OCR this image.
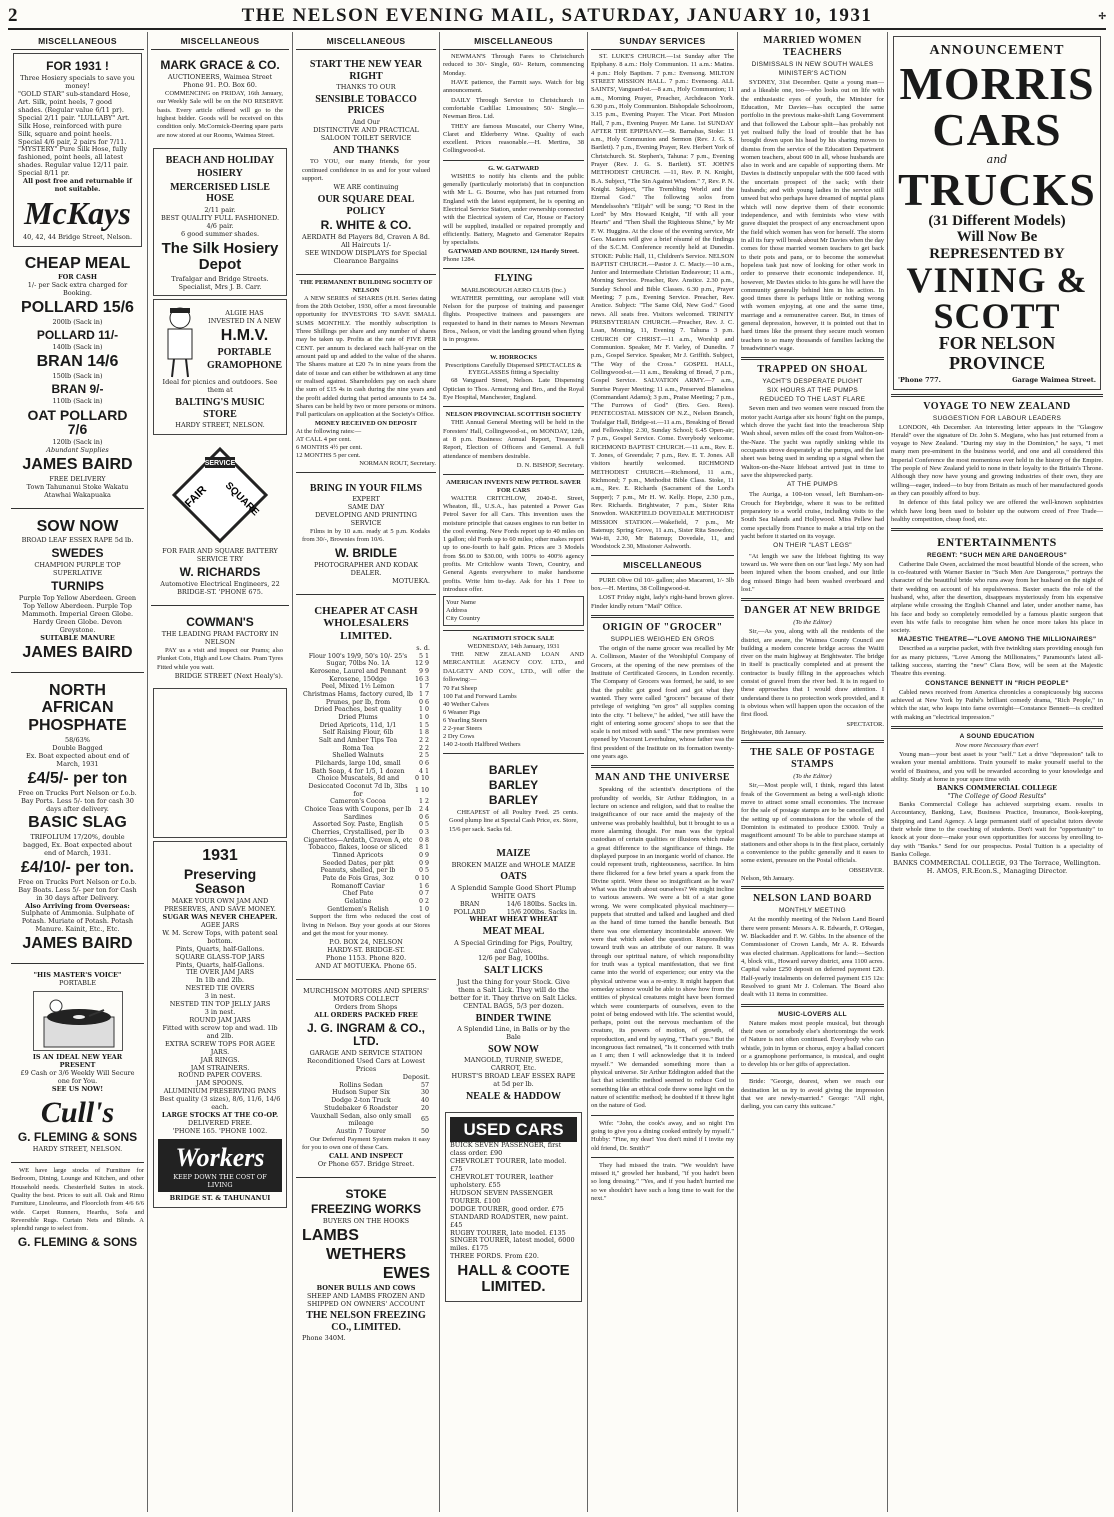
2	THE NELSON EVENING MAIL, SATURDAY, JANUARY 10, 1931	✢
MISCELLANEOUS
FOR 1931 !
Three Hosiery specials to save you money!
"GOLD STAR" sub-standard Hose, Art. Silk, point heels, 7 good shades. (Regular value 6/11 pr). Special 2/11 pair. "LULLABY" Art. Silk Hose, reinforced with pure Silk, square and point heels. Special 4/6 pair, 2 pairs for 7/11. "MYSTERY" Pure Silk Hose, fully fashioned, point heels, all latest shades. Regular value 12/11 pair. Special 8/11 pr.
All post free and returnable if not suitable.
McKays
40, 42, 44 Bridge Street, Nelson.
CHEAP MEAL
FOR CASH
1/- per Sack extra charged for Booking.
POLLARD 15/6
200lb (Sack in)
POLLARD 11/-
140lb (Sack in)
BRAN 14/6
150lb (Sack in)
BRAN 9/-
110lb (Sack in)
OAT POLLARD 7/6
120lb (Sack in)
Abundant Supplies
JAMES BAIRD
FREE DELIVERY
Town Tahunanui Stoke Wakatu Atawhai Wakapuaka
SOW NOW
BROAD LEAF ESSEX RAPE 5d lb.
SWEDES
CHAMPION PURPLE TOP SUPERLATIVE
TURNIPS
Purple Top Yellow Aberdeen. Green Top Yellow Aberdeen. Purple Top Mammoth. Imperial Green Globe. Hardy Green Globe. Devon Greystone.
SUITABLE MANURE
JAMES BAIRD
NORTH AFRICAN
PHOSPHATE
58/63%
Double Bagged
Ex. Boat expected about end of March, 1931
£4/5/- per ton
Free on Trucks Port Nelson or f.o.b. Bay Ports. Less 5/- ton for cash 30 days after delivery.
BASIC SLAG
TRIFOLIUM 17/20%, double bagged, Ex. Boat expected about end of March, 1931.
£4/10/- per ton.
Free on Trucks Port Nelson or f.o.b. Bay Boats. Less 5/- per ton for Cash in 30 days after Delivery.
Also Arriving from Overseas:
Sulphate of Ammonia. Sulphate of Potash. Muriate of Potash. Potash Manure. Kainit, Etc., Etc.
JAMES BAIRD
"HIS MASTER'S VOICE"
PORTABLE
IS AN IDEAL NEW YEAR PRESENT
£9 Cash or 3/6 Weekly Will Secure one for You.
SEE US NOW!
Cull's
G. FLEMING & SONS
HARDY STREET, NELSON.

WE have large stocks of Furniture for Bedroom, Dining, Lounge and Kitchen, and other Household needs. Chesterfield Suites in stock. Quality the best. Prices to suit all. Oak and Rimu Furniture, Linoleums, and Floorcloth from 4/6 6/6 wide. Carpet Runners, Hearths, Sofa and Reversible Rugs. Curtain Nets and Blinds. A splendid range to select from.

G. FLEMING & SONS
MISCELLANEOUS
MARK GRACE & CO.
AUCTIONEERS, Waimea Street
Phone 91. P.O. Box 60.

COMMENCING on FRIDAY, 16th January, our Weekly Sale will be on the NO RESERVE basis. Every article offered will go to the highest bidder. Goods will be received on this condition only. McCormick-Deering spare parts are now stored at our Rooms, Waimea Street.

BEACH AND HOLIDAY
HOSIERY
MERCERISED LISLE HOSE
2/11 pair.
BEST QUALITY FULL FASHIONED. 4/6 pair.
6 good summer shades.
The Silk Hosiery Depot
Trafalgar and Bridge Streets.
Specialist, Mrs J. B. Carr.
ALGIE HAS INVESTED IN A NEW
H.M.V.
PORTABLE
GRAMOPHONE
Ideal for picnics and outdoors. See them at
BALTING'S MUSIC STORE
HARDY STREET, NELSON.
SERVICE
FAIR SQUARE
FOR FAIR AND SQUARE BATTERY SERVICE TRY
W. RICHARDS
Automotive Electrical Engineers, 22 BRIDGE-ST. 'PHONE 675.
COWMAN'S
THE LEADING PRAM FACTORY IN NELSON

PAY us a visit and inspect our Prams; also Plunket Cots, High and Low Chairs. Pram Tyres Fitted while you wait.

BRIDGE STREET (Next Healy's).
1931
Preserving Season
MAKE YOUR OWN JAM AND PRESERVES, AND SAVE MONEY.
SUGAR WAS NEVER CHEAPER.
AGEE JARS
W. M. Screw Tops, with patent seal bottom.
Pints, Quarts, half-Gallons.
SQUARE GLASS-TOP JARS
Pints, Quarts, half-Gallons.
TIE OVER JAM JARS
In 1lb and 2lb.
NESTED TIE OVERS
3 in nest.
NESTED TIN TOP JELLY JARS
3 in nest.
ROUND JAM JARS
Fitted with screw top and wad. 1lb and 2lb.
EXTRA SCREW TOPS FOR AGEE JARS.
JAR RINGS.
JAM STRAINERS.
ROUND PAPER COVERS.
JAM SPOONS.
ALUMINIUM PRESERVING PANS
Best quality (3 sizes), 8/6, 11/6, 14/6 each.
LARGE STOCKS AT THE CO-OP.
DELIVERED FREE.
'PHONE 165. 'PHONE 1002.
Workers
KEEP DOWN THE COST OF LIVING
BRIDGE ST. & TAHUNANUI
MISCELLANEOUS
START THE NEW YEAR RIGHT
THANKS TO OUR
SENSIBLE TOBACCO PRICES
And Our
DISTINCTIVE AND PRACTICAL SALOON TOILET SERVICE
AND THANKS

TO YOU, our many friends, for your continued confidence in us and for your valued support.

WE ARE continuing
OUR SQUARE DEAL POLICY
R. WHITE & CO.
AERDATH 8d Players 8d, Craven A 8d. All Haircuts 1/-
SEE WINDOW DISPLAYS for Special Clearance Bargains
THE PERMANENT BUILDING SOCIETY OF NELSON

A NEW SERIES of SHARES (H.H. Series dating from the 20th October, 1930, offer a most favourable opportunity for INVESTORS TO SAVE SMALL SUMS MONTHLY. The monthly subscription is Three Shillings per share and any number of shares may be taken up. Profits at the rate of FIVE PER CENT. per annum is declared each half-year on the amount paid up and added to the value of the shares. The Shares mature at £20 7s in nine years from the date of issue and can either be withdrawn at any time or realised against. Shareholders pay on each share the sum of £15 4s in cash during the nine years and the profit added during that period amounts to £4 3s. Shares can be held by two or more persons or minors. Full particulars on application at the Society's Office.

MONEY RECEIVED ON DEPOSIT
At the following rates:—
AT CALL 4 per cent.
6 MONTHS 4½ per cent.
12 MONTHS 5 per cent.
NORMAN ROUT, Secretary.
BRING IN YOUR FILMS
EXPERT
SAME DAY
DEVELOPING AND PRINTING SERVICE

Films in by 10 a.m. ready at 5 p.m. Kodaks from 30/-, Brownies from 10/6.

W. BRIDLE
PHOTOGRAPHER AND KODAK DEALER.
MOTUEKA.
CHEAPER AT CASH WHOLESALERS LIMITED.
s. d.
Flour 100's 19/9, 50's 10/- 25's	5 1
Sugar, 70lbs No. 1A	12 9
Kerosene, Laurel and Pennant	9 9
Kerosene, 150dge	16 3
Peel, Mixed 1½ Lemon	1 7
Christmas Hams, factory cured, lb	1 7
Prunes, per lb, from	0 6
Dried Peaches, best quality	1 0
Dried Plums	1 0
Dried Apricots, 11d, 1/1	1 5
Self Raising Flour, 6lb	1 8
Salt and Amber Tips Tea	2 2
Roma Tea	2 2
Shelled Walnuts	2 5
Pilchards, large 10d, small	0 6
Bath Soap, 4 for 1/5, 1 dozen	4 1
Choice Muscatels, 8d and	0 10
Desiccated Coconut 7d lb, 3lbs for	1 10
Cameron's Cocoa	1 2
Choice Teas with Coupons, per lb	2 4
Sardines	0 6
Assorted Soy. Paste, English	0 5
Cherries, Crystallised, per lb	0 3
Cigarettes—Ardath, Craven A, etc	0 8
Tobacco, flakes, loose or sliced	8 1
Tinned Apricots	0 9
Seeded Dates, per pkt	0 9
Peanuts, shelled, per lb	0 5
Pate de Fois Gras, 3oz	0 10
Romanoff Caviar	1 6
Chef Pate	0 7
Gelatine	0 2
Gentlemen's Relish	1 0

Support the firm who reduced the cost of living in Nelson. Buy your goods at our Stores and get the most for your money.

P.O. BOX 24, NELSON
HARDY-ST. BRIDGE-ST.
Phone 1153. Phone 820.
AND AT MOTUEKA. Phone 65.
MURCHISON MOTORS AND SPIERS' MOTORS COLLECT
Orders from Shops
ALL ORDERS PACKED FREE
J. G. INGRAM & CO., LTD.
GARAGE AND SERVICE STATION
Reconditioned Used Cars at Lowest Prices
Deposit.
Rollins Sedan	57
Hudson Super Six	30
Dodge 2-ton Truck	40
Studebaker 6 Roadster	20
Vauxhall Sedan, also only small mileage	65
Austin 7 Tourer	50

Our Deferred Payment System makes it easy for you to own one of these Cars.

CALL AND INSPECT
Or Phone 657. Bridge Street.
STOKE
FREEZING WORKS
BUYERS ON THE HOOKS
LAMBS
WETHERS
EWES
BONER BULLS AND COWS
SHEEP AND LAMBS FROZEN AND SHIPPED ON OWNERS' ACCOUNT
THE NELSON FREEZING CO., LIMITED.
Phone 340M.
MISCELLANEOUS

NEWMAN'S Through Fares to Christchurch reduced to 30/- Single, 60/- Return, commencing Monday.

HAVE patience, the Farmit says. Watch for big announcement.

DAILY Through Service to Christchurch in comfortable Cadillac Limousines; 50/- Single.—Newman Bros. Ltd.

THEY are famous Muscatel, our Cherry Wine, Claret and Elderberry Wine. Quality of each excellent. Prices reasonable.—H. Mertins, 38 Collingwood-st.

G. W. GATWARD

WISHES to notify his clients and the public generally (particularly motorists) that in conjunction with Mr L. G. Bourne, who has just returned from England with the latest equipment, he is opening an Electrical Service Station, under ownership connected with the Electrical system of Car, House or Factory will be supplied, installed or repaired promptly and efficiently. Battery, Magneto and Generator Repairs by specialists.

GATWARD AND BOURNE, 124 Hardy Street.
Phone 1284.
FLYING
MARLBOROUGH AERO CLUB (Inc.)

WEATHER permitting, our aeroplane will visit Nelson for the purpose of training and passenger flights. Prospective trainees and passengers are requested to hand in their names to Messrs Newman Bros., Nelson, or visit the landing ground when flying is in progress.

W. HORROCKS
Prescriptions Carefully Dispensed SPECTACLES & EYEGLASSES fitting a Speciality

68 Vanguard Street, Nelson. Late Dispensing Optician to Thos. Armstrong and Bro., and the Royal Eye Hospital, Manchester, England.

NELSON PROVINCIAL SCOTTISH SOCIETY

THE Annual General Meeting will be held in the Foresters' Hall, Collingwood-st., on MONDAY, 12th, at 8 p.m. Business: Annual Report, Treasurer's Report, Election of Officers and General. A full attendance of members desirable.

D. N. BISHOP, Secretary.
AMERICAN INVENTS NEW PETROL SAVER FOR CARS

WALTER CRITCHLOW, 2040-E. Street, Wheaton, Ill., U.S.A., has patented a Power Gas Petrol Saver for all Cars. This invention uses the moisture principle that causes engines to run better in the cool evening. New Fords report up to 40 miles on 1 gallon; old Fords up to 60 miles; other makes report up to one-fourth to half gain. Prices are 3 Models from $6.00 to $30.00, with 100% to 400% agency profits. Mr Critchlow wants Town, Country, and General Agents everywhere to make handsome profits. Write him to-day. Ask for his I Free to introduce offer.

Your Name
Address
City Country
NGATIMOTI STOCK SALE
WEDNESDAY, 14th January, 1931

THE NEW ZEALAND LOAN AND MERCANTILE AGENCY COY. LTD., and DALGETY AND COY., LTD., will offer the following:—

70 Fat Sheep
100 Fat and Forward Lambs
40 Wether Calves
6 Weaner Pigs
6 Yearling Steers
2 2-year Steers
2 Dry Cows
140 2-tooth Halfbred Wethers
BARLEY
BARLEY
BARLEY

CHEAPEST of all Poultry Feed. 25 cents. Good plump line at Special Cash Price, ex. Store, 15/6 per sack. Sacks 6d.

MAIZE
BROKEN MAIZE and WHOLE MAIZE
OATS
A Splendid Sample Good Short Plump
WHITE OATS
BRAN	14/6 180lbs. Sacks in.
POLLARD	15/6 200lbs. Sacks in.
WHEAT WHEAT WHEAT
MEAT MEAL
A Special Grinding for Pigs, Poultry, and Calves.
12/6 per Bag, 100lbs.
SALT LICKS
Just the thing for your Stock. Give them a Salt Lick. They will do the better for it. They thrive on Salt Licks.
CENTAL BAGS, 5/3 per dozen.
BINDER TWINE
A Splendid Line, in Balls or by the Bale
SOW NOW
MANGOLD, TURNIP, SWEDE, CARROT, Etc.
HURST'S BROAD LEAF ESSEX RAPE at 5d per lb.
NEALE & HADDOW
USED CARS
BUICK SEVEN PASSENGER, first class order. £90
CHEVROLET TOURER, late model. £75
CHEVROLET TOURER, leather upholstery. £55
HUDSON SEVEN PASSENGER TOURER. £100
DODGE TOURER, good order. £75
STANDARD ROADSTER, new paint. £45
RUGBY TOURER, late model. £135
SINGER TOURER, latest model, 6000 miles. £175
THREE FORDS. From £20.
HALL & COOTE LIMITED.
SUNDAY SERVICES

ST. LUKE'S CHURCH.—1st Sunday after The Epiphany. 8 a.m.: Holy Communion. 11 a.m.: Matins. 4 p.m.: Holy Baptism. 7 p.m.: Evensong. MILTON STREET MISSION HALL. 7 p.m.: Evensong. ALL SAINTS', Vanguard-st.—8 a.m., Holy Communion; 11 a.m., Morning Prayer, Preacher, Archdeacon York. 6.30 p.m., Holy Communion. Bishopdale Schoolroom, 3.15 p.m., Evening Prayer. The Vicar. Port Mission Hall, 7 p.m., Evening Prayer. Mr Lane. 1st SUNDAY AFTER THE EPIPHANY.—St. Barnabas, Stoke: 11 a.m., Holy Communion and Sermon (Rev. J. G. S. Bartlett). 7 p.m., Evening Prayer, Rev. Herbert York of Christchurch. St. Stephen's, Tahuna: 7 p.m., Evening Prayer (Rev. J. G. S. Bartlett). ST. JOHN'S METHODIST CHURCH. —11, Rev. P. N. Knight, B.A. Subject, "The Sin Against Wisdom." 7, Rev. P. N. Knight. Subject, "The Trembling World and the Eternal God." The following solos from Mendelssohn's "Elijah" will be sung; "O Rest in the Lord" by Mrs Howard Knight, "If with all your Hearts" and "Then Shall the Righteous Shine," by Mr F. W. Huggins. At the close of the evening service, Mr Geo. Masters will give a brief résumé of the findings of the S.C.M. Conference recently held at Dunedin. STOKE: Public Hall, 11, Children's Service. NELSON BAPTIST CHURCH.—Pastor J. C. Maciy.—10 a.m., Junior and Intermediate Christian Endeavour; 11 a.m., Morning Service. Preacher, Rev. Anstice. 2.30 p.m., Sunday School and Bible Classes. 6.30 p.m., Prayer Meeting; 7 p.m., Evening Service. Preacher, Rev. Anstice. Subject: "The Same Old, New God." Good news. All seats free. Visitors welcomed. TRINITY PRESBYTERIAN CHURCH.—Preacher, Rev. J. C. Loan, Morning, 11, Evening 7. Tahuna 3 p.m. CHURCH OF CHRIST.—11 a.m., Worship and Communion. Speaker, Mr F. Varley, of Dunedin. 7 p.m., Gospel Service. Speaker, Mr J. Griffith. Subject, "The Way of the Cross." GOSPEL HALL, Collingwood-st.—11 a.m., Breaking of Bread, 7 p.m., Gospel Service. SALVATION ARMY.—7 a.m., Sunrise Prayer Meeting; 11 a.m., Preserved Blameless (Commandant Adams); 3 p.m., Praise Meeting; 7 p.m., "The Furrows of God" (Bro. Geo. Rees). PENTECOSTAL MISSION OF N.Z., Nelson Branch, Trafalgar Hall, Bridge-st.—11 a.m., Breaking of Bread and Fellowship; 2.30, Sunday School; 6.45 Open-air; 7 p.m., Gospel Service. Come. Everybody welcome. RICHMOND BAPTIST CHURCH.—11 a.m., Rev. E. T. Jones, of Greendale; 7 p.m., Rev. E. T. Jones. All visitors heartily welcomed. RICHMOND METHODIST CHURCH.—Richmond, 11 a.m., Richmond; 7 p.m., Methodist Bible Class. Stoke, 11 a.m., Rev. E. Richards (Sacrament of the Lord's Supper); 7 p.m., Mr H. W. Kelly. Hope, 2.30 p.m., Rev. Richards. Brightwater, 7 p.m., Sister Rita Snowdon. WAKEFIELD DOVEDALE METHODIST MISSION STATION.—Wakefield, 7 p.m., Mr Batenup; Spring Grove, 11 a.m., Sister Rita Snowdon; Wai-iti, 2.30, Mr Batenup; Dovedale, 11, and Woodstock 2.30, Missioner Ashworth.

MISCELLANEOUS

PURE Olive Oil 10/- gallon; also Macaroni, 1/- 3lb box.—H. Mertins, 38 Collingwood-st.

LOST Friday night, lady's right-hand brown glove. Finder kindly return "Mail" Office.

ORIGIN OF "GROCER"
SUPPLIES WEIGHED EN GROS

The origin of the name grocer was recalled by Mr A. Collinson, Master of the Worshipful Company of Grocers, at the opening of the new premises of the Institute of Certificated Grocers, in London recently. The Company of Grocers was formed, he said, to see that the public got good food and got what they wanted. They were called "grocers" because of their privilege of weighing "en gros" all supplies coming into the city. "I believe," he added, "we still have the right of entering some grocers' shops to see that the scale is not mixed with sand." The new premises were opened by Viscount Leverhulme, whose father was the first president of the Institute on its formation twenty-one years ago.

MAN AND THE UNIVERSE

Speaking of the scientist's descriptions of the profundity of worlds, Sir Arthur Eddington, in a lecture on science and religion, said that to realise the insignificance of our race amid the majesty of the universe was probably healthful, but it brought to us a more alarming thought. For man was the typical custodian of certain qualities or illusions which make a great difference to the significance of things. He displayed purpose in an inorganic world of chance. He could represent truth, righteousness, sacrifice. In him there flickered for a few brief years a spark from the Divine spirit. Were these so insignificant as he was? What was the truth about ourselves? We might incline to various answers. We were a bit of a star gone wrong. We were complicated physical machinery—puppets that strutted and talked and laughed and died as the hand of time turned the handle beneath. But there was one elementary incontestable answer. We were that which asked the question. Responsibility toward truth was an attribute of our nature. It was through our spiritual nature, of which responsibility for truth was a typical manifestation, that we first came into the world of experience; our entry via the physical universe was a re-entry. It might happen that someday science would be able to show how from the entities of physical creatures might have been formed which were counterparts of ourselves, even to the point of being endowed with life. The scientist would, perhaps, point out the nervous mechanism of the creature, its powers of motion, of growth, of reproduction, and end by saying, "That's you." But the incongruous fact remained, "Is it concerned with truth as I am; then I will acknowledge that it is indeed myself." We demanded something more than a physical universe. Sir Arthur Eddington added that the fact that scientific method seemed to reduce God to something like an ethical code threw some light on the nature of scientific method; he doubted if it threw light on the nature of God.

Wife: "John, the cook's away, and so night I'm going to give you a dining cooked entirely by myself." Hubby: "Fine, my dear! You don't mind if I invite my old friend, Dr. Smith?"

They had missed the train. "We wouldn't have missed it," growled her husband, "if you hadn't been so long dressing." "Yes, and if you hadn't hurried me so we shouldn't have such a long time to wait for the next."

MARRIED WOMEN TEACHERS
DISMISSALS IN NEW SOUTH WALES
MINISTER'S ACTION

SYDNEY, 31st December. Quite a young man—and a likeable one, too—who looks out on life with the enthusiastic eyes of youth, the Minister for Education, Mr Davies—has occupied the same portfolio in the previous make-shift Lang Government and that followed the Labour split—has probably not yet realised fully the load of trouble that he has brought down upon his head by his sharing moves to dismiss from the service of the Education Department women teachers, about 600 in all, whose husbands are also in work and are capable of supporting them. Mr Davies is distinctly unpopular with the 600 faced with the uncertain prospect of the sack; with their husbands; and with young ladies in the service still unwed but who perhaps have dreamed of nuptial plans which will now deprive them of their economic independence, and with feminists who view with grave disquiet the prospect of any encroachment upon the field which women has won for herself. The storm in all its fury will break about Mr Davies when the day comes for those married women teachers to get back to their pots and pans, or to become the somewhat hopeless task just now of looking for other work in order to preserve their economic independence. If, however, Mr Davies sticks to his guns he will have the community generally behind him in his action. In good times there is perhaps little or nothing wrong with women enjoying, at one and the same time, marriage and a remunerative career. But, in times of general depression, however, it is pointed out that in hard times like the present they secure much women teachers to so many thousands of families lacking the breadwinner's wage.

TRAPPED ON SHOAL
YACHT'S DESPERATE PLIGHT
SIX HOURS AT THE PUMPS
REDUCED TO THE LAST FLARE

Seven men and two women were rescued from the motor yacht Auriga after six hours' fight on the pumps, which drove the yacht fast into the treacherous Ship Wash shoal, seven miles off the coast from Walton-on-the-Naze. The yacht was rapidly sinking while its occupants strove desperately at the pumps, and the last sheet was being used in sending up a signal when the Walton-on-the-Naze lifeboat arrived just in time to save the shipwrecked party.

AT THE PUMPS

The Auriga, a 100-ton vessel, left Burnham-on-Crouch for Heybridge, where it was to be refitted preparatory to a world cruise, including visits to the South Sea Islands and Hollywood. Miss Pellew had come specially from France to make a trial trip on the yacht before it started on its voyage.

ON THEIR "LAST LEGS"

"At length we saw the lifeboat fighting its way toward us. We were then on our 'last legs.' My son had been injured when the boom crashed, and our little dog missed Bingo had been washed overboard and lost."

DANGER AT NEW BRIDGE
(To the Editor)

Sir,—As you, along with all the residents of the district, are aware, the Waimea County Council are building a modern concrete bridge across the Waiiti river on the main highway at Brightwater. The bridge in itself is practically completed and at present the contractor is busily filling in the approaches which consist of gravel from the river bed. It is in regard to these approaches that I would draw attention. I understand there is no protection work provided, and it is obvious when will happen upon the occasion of the first flood.

SPECTATOR.
Brightwater, 8th January.
THE SALE OF POSTAGE STAMPS
(To the Editor)

Sir,—Most people will, I think, regard this latest freak of the Government as being a well-nigh idiotic move to attract some small economies. The increase for the sale of postage stamps are to be cancelled, and the setting up of commissions for the whole of the Dominion is estimated to produce £3000. Truly a magnificent amount! To be able to purchase stamps at stationers and other shops is in the first place, certainly a convenience to the public generally and it eases to some extent, pressure on the Postal officials.

OBSERVER.
Nelson, 9th January.
NELSON LAND BOARD
MONTHLY MEETING

At the monthly meeting of the Nelson Land Board there were present: Messrs A. R. Edwards, F. O'Regan, W. Blackadder and F. W. Gibbs. In the absence of the Commissioner of Crown Lands, Mr A. R. Edwards was elected chairman. Applications for land:—Section 4, block viii., Howard survey district, area 1100 acres. Capital value £250 deposit on deferred payment £20. Half-yearly instalments on deferred payment £15 12s: Resolved to grant Mr J. Coleman. The Board also dealt with 11 items in committee.

MUSIC-LOVERS ALL

Nature makes most people musical, but through their own or somebody else's shortcomings the work of Nature is not often continued. Everybody who can whistle, join in hymn or chorus, enjoy a ballad concert or a gramophone performance, is musical, and ought to develop his or her gifts of appreciation.

Bride: "George, dearest, when we reach our destination let us try to avoid giving the impression that we are newly-married." George: "All right, darling, you can carry this suitcase."

ANNOUNCEMENT
MORRIS CARS
and
TRUCKS
(31 Different Models)
Will Now Be
REPRESENTED BY
VINING & SCOTT
FOR NELSON PROVINCE
'Phone 777.	Garage Waimea Street.
VOYAGE TO NEW ZEALAND
SUGGESTION FOR LABOUR LEADERS

LONDON, 4th December. An interesting letter appears in the "Glasgow Herald" over the signature of Dr. John S. Megjans, who has just returned from a voyage to New Zealand. "During my stay in the Dominion," he says, "I met many men pre-eminent in the business world, and one and all considered this Imperial Conference the most momentous ever held in the history of the Empire. The people of New Zealand yield to none in their loyalty to the Britain's Throne. Although they now have young and growing industries of their own, they are willing—eager, indeed—to buy from Britain as much of her manufactured goods as they can possibly afford to buy.

In defence of this fatal policy we are offered the well-known sophistries which have long been used to bolster up the outworn creed of Free Trade—healthy competition, cheap food, etc.

ENTERTAINMENTS
REGENT: "SUCH MEN ARE DANGEROUS"

Catherine Dale Owen, acclaimed the most beautiful blonde of the screen, who is co-featured with Warner Baxter in "Such Men Are Dangerous," portrays the character of the beautiful bride who runs away from her husband on the night of their wedding on account of his repulsiveness. Baxter enacts the role of the husband, who, after the desertion, disappears mysteriously from his expensive airplane while crossing the English Channel and later, under another name, has his face and body so completely remodelled by a famous plastic surgeon that even his wife fails to recognise him when he once more takes his place in society.

MAJESTIC THEATRE—"LOVE AMONG THE MILLIONAIRES"

Described as a surprise packet, with five twinkling stars providing enough fun for as many pictures, "Love Among the Millionaires," Paramount's latest all-talking success, starring the "new" Clara Bow, will be seen at the Majestic Theatre this evening.

CONSTANCE BENNETT IN "RICH PEOPLE"

Cabled news received from America chronicles a conspicuously big success achieved at New York by Pathé's brilliant comedy drama, "Rich People," in which the star, who leaps into fame overnight—Constance Bennett—is credited with making an "electrical impression."

A SOUND EDUCATION
Now more Necessary than ever!

Young man—your best asset is your "self." Let a drive "depression" talk to weaken your mental ambitions. Train yourself to make yourself useful to the world of Business, and you will be rewarded according to your knowledge and ability. Study at home in your spare time with

BANKS COMMERCIAL COLLEGE
"The College of Good Results"

Banks Commercial College has achieved surprising exam. results in Accountancy, Banking, Law, Business Practice, Insurance, Book-keeping, Shipping and Land Agency. A large permanent staff of specialist tutors devote their whole time to the coaching of students. Don't wait for "opportunity" to knock at your door—make your own opportunities for success by enrolling to-day with "Banks." Send for our prospectus. Postal Tuition is a speciality of Banks College.

BANKS COMMERCIAL COLLEGE, 93 The Terrace, Wellington.
H. AMOS, F.R.Econ.S., Managing Director.
